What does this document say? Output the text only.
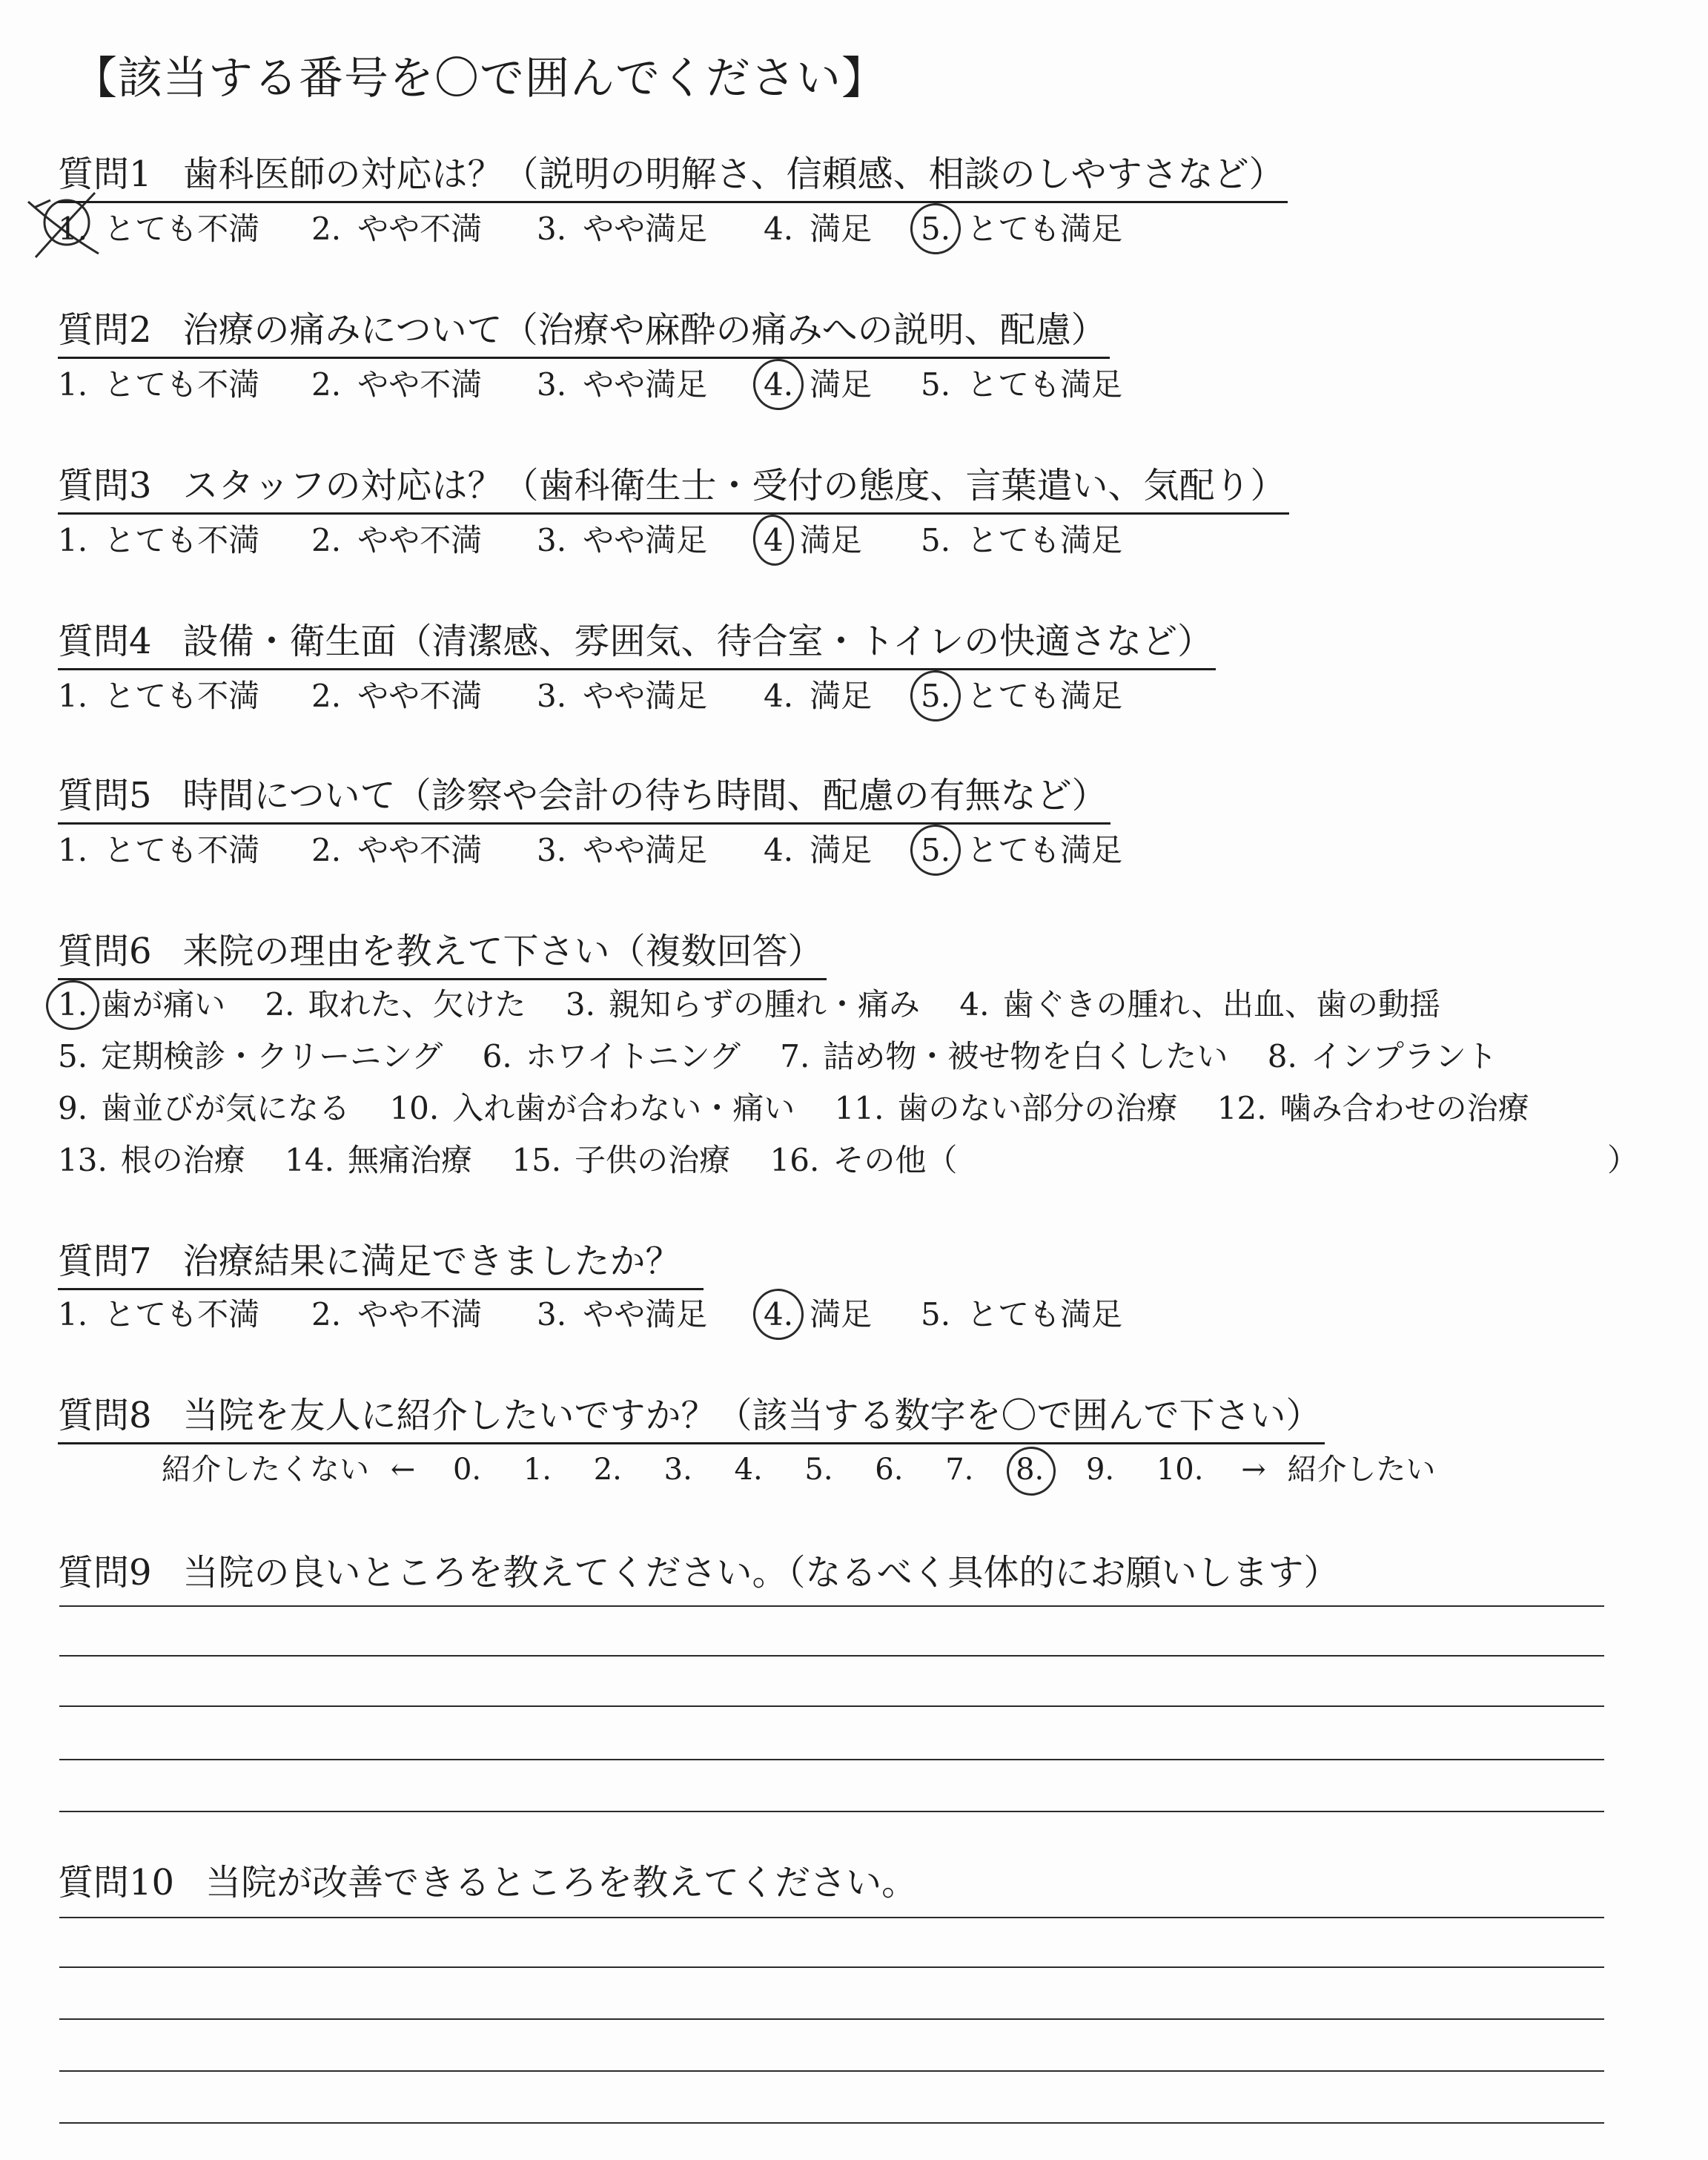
【該当する番号を〇で囲んでください】
質問1 歯科医師の対応は？（説明の明解さ、信頼感、相談のしやすさなど）
1. とても不満 2. やや不満 3. やや満足 4. 満足 5. とても満足
質問2 治療の痛みについて（治療や麻酔の痛みへの説明、配慮）
1. とても不満 2. やや不満 3. やや満足 4. 満足 5. とても満足
質問3 スタッフの対応は？（歯科衛生士・受付の態度、言葉遣い、気配り）
1. とても不満 2. やや不満 3. やや満足 4 満足 5. とても満足
質問4 設備・衛生面（清潔感、雰囲気、待合室・トイレの快適さなど）
1. とても不満 2. やや不満 3. やや満足 4. 満足 5. とても満足
質問5 時間について（診察や会計の待ち時間、配慮の有無など）
1. とても不満 2. やや不満 3. やや満足 4. 満足 5. とても満足
質問6 来院の理由を教えて下さい（複数回答）
1. 歯が痛い 2. 取れた、欠けた 3. 親知らずの腫れ・痛み 4. 歯ぐきの腫れ、出血、歯の動揺
5. 定期検診・クリーニング 6. ホワイトニング 7. 詰め物・被せ物を白くしたい 8. インプラント
9. 歯並びが気になる 10. 入れ歯が合わない・痛い 11. 歯のない部分の治療 12. 噛み合わせの治療
13. 根の治療 14. 無痛治療 15. 子供の治療 16. その他（	）
質問7 治療結果に満足できましたか？
1. とても不満 2. やや不満 3. やや満足 4. 満足 5. とても満足
質問8 当院を友人に紹介したいですか？（該当する数字を〇で囲んで下さい）
紹介したくない ← 0. 1. 2. 3. 4. 5. 6. 7. 8. 9. 10. → 紹介したい
質問9 当院の良いところを教えてください。（なるべく具体的にお願いします）
質問10 当院が改善できるところを教えてください。
